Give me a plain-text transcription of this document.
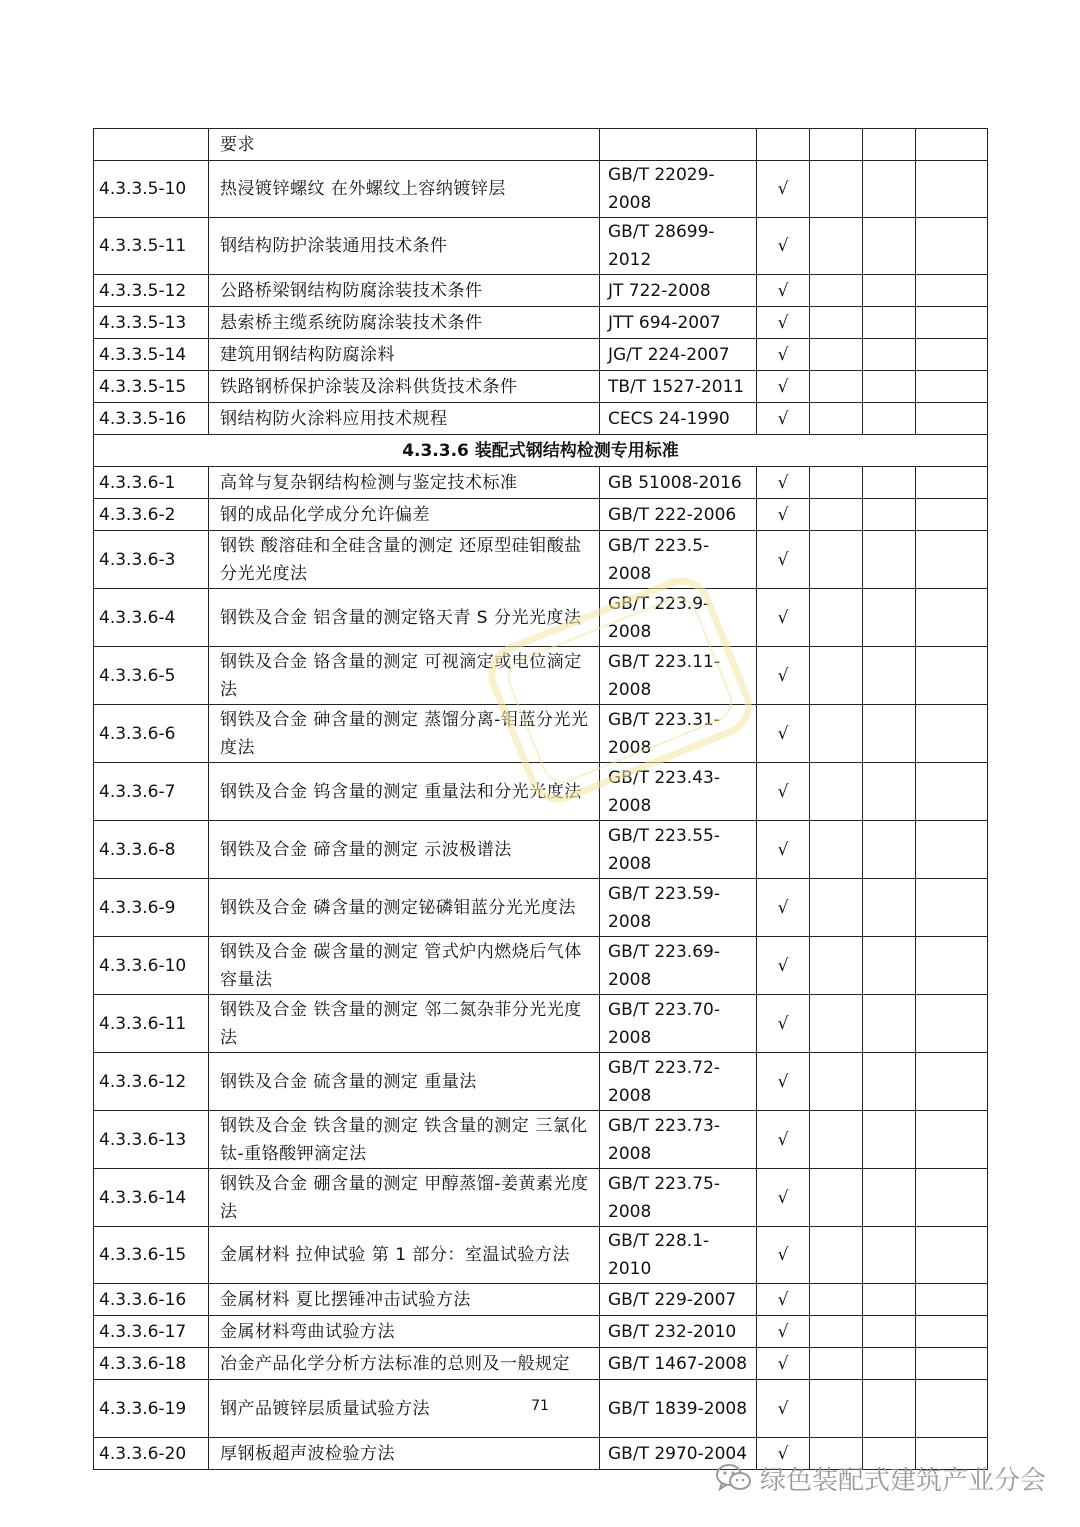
	要求					
4.3.3.5-10	热浸镀锌螺纹 在外螺纹上容纳镀锌层	GB/T 22029-2008	√			
4.3.3.5-11	钢结构防护涂装通用技术条件	GB/T 28699-2012	√			
4.3.3.5-12	公路桥梁钢结构防腐涂装技术条件	JT 722-2008	√			
4.3.3.5-13	悬索桥主缆系统防腐涂装技术条件	JTT 694-2007	√			
4.3.3.5-14	建筑用钢结构防腐涂料	JG/T 224-2007	√			
4.3.3.5-15	铁路钢桥保护涂装及涂料供货技术条件	TB/T 1527-2011	√			
4.3.3.5-16	钢结构防火涂料应用技术规程	CECS 24-1990	√			
4.3.3.6 装配式钢结构检测专用标准						
4.3.3.6-1	高耸与复杂钢结构检测与鉴定技术标准	GB 51008-2016	√			
4.3.3.6-2	钢的成品化学成分允许偏差	GB/T 222-2006	√			
4.3.3.6-3	钢铁 酸溶硅和全硅含量的测定 还原型硅钼酸盐分光光度法	GB/T 223.5-2008	√			
4.3.3.6-4	钢铁及合金 铝含量的测定铬天青 S 分光光度法	GB/T 223.9-2008	√			
4.3.3.6-5	钢铁及合金 铬含量的测定 可视滴定或电位滴定法	GB/T 223.11-2008	√			
4.3.3.6-6	钢铁及合金 砷含量的测定 蒸馏分离-钼蓝分光光度法	GB/T 223.31-2008	√			
4.3.3.6-7	钢铁及合金 钨含量的测定 重量法和分光光度法	GB/T 223.43-2008	√			
4.3.3.6-8	钢铁及合金 碲含量的测定 示波极谱法	GB/T 223.55-2008	√			
4.3.3.6-9	钢铁及合金 磷含量的测定铋磷钼蓝分光光度法	GB/T 223.59-2008	√			
4.3.3.6-10	钢铁及合金 碳含量的测定 管式炉内燃烧后气体容量法	GB/T 223.69-2008	√			
4.3.3.6-11	钢铁及合金 铁含量的测定 邻二氮杂菲分光光度法	GB/T 223.70-2008	√			
4.3.3.6-12	钢铁及合金 硫含量的测定 重量法	GB/T 223.72-2008	√			
4.3.3.6-13	钢铁及合金 铁含量的测定 铁含量的测定 三氯化钛-重铬酸钾滴定法	GB/T 223.73-2008	√			
4.3.3.6-14	钢铁及合金 硼含量的测定 甲醇蒸馏-姜黄素光度法	GB/T 223.75-2008	√			
4.3.3.6-15	金属材料 拉伸试验 第 1 部分：室温试验方法	GB/T 228.1-2010	√			
4.3.3.6-16	金属材料 夏比摆锤冲击试验方法	GB/T 229-2007	√			
4.3.3.6-17	金属材料弯曲试验方法	GB/T 232-2010	√			
4.3.3.6-18	冶金产品化学分析方法标准的总则及一般规定	GB/T 1467-2008	√			
4.3.3.6-19	钢产品镀锌层质量试验方法	GB/T 1839-2008	√			
4.3.3.6-20	厚钢板超声波检验方法	GB/T 2970-2004	√			
71
绿色装配式建筑产业分会
